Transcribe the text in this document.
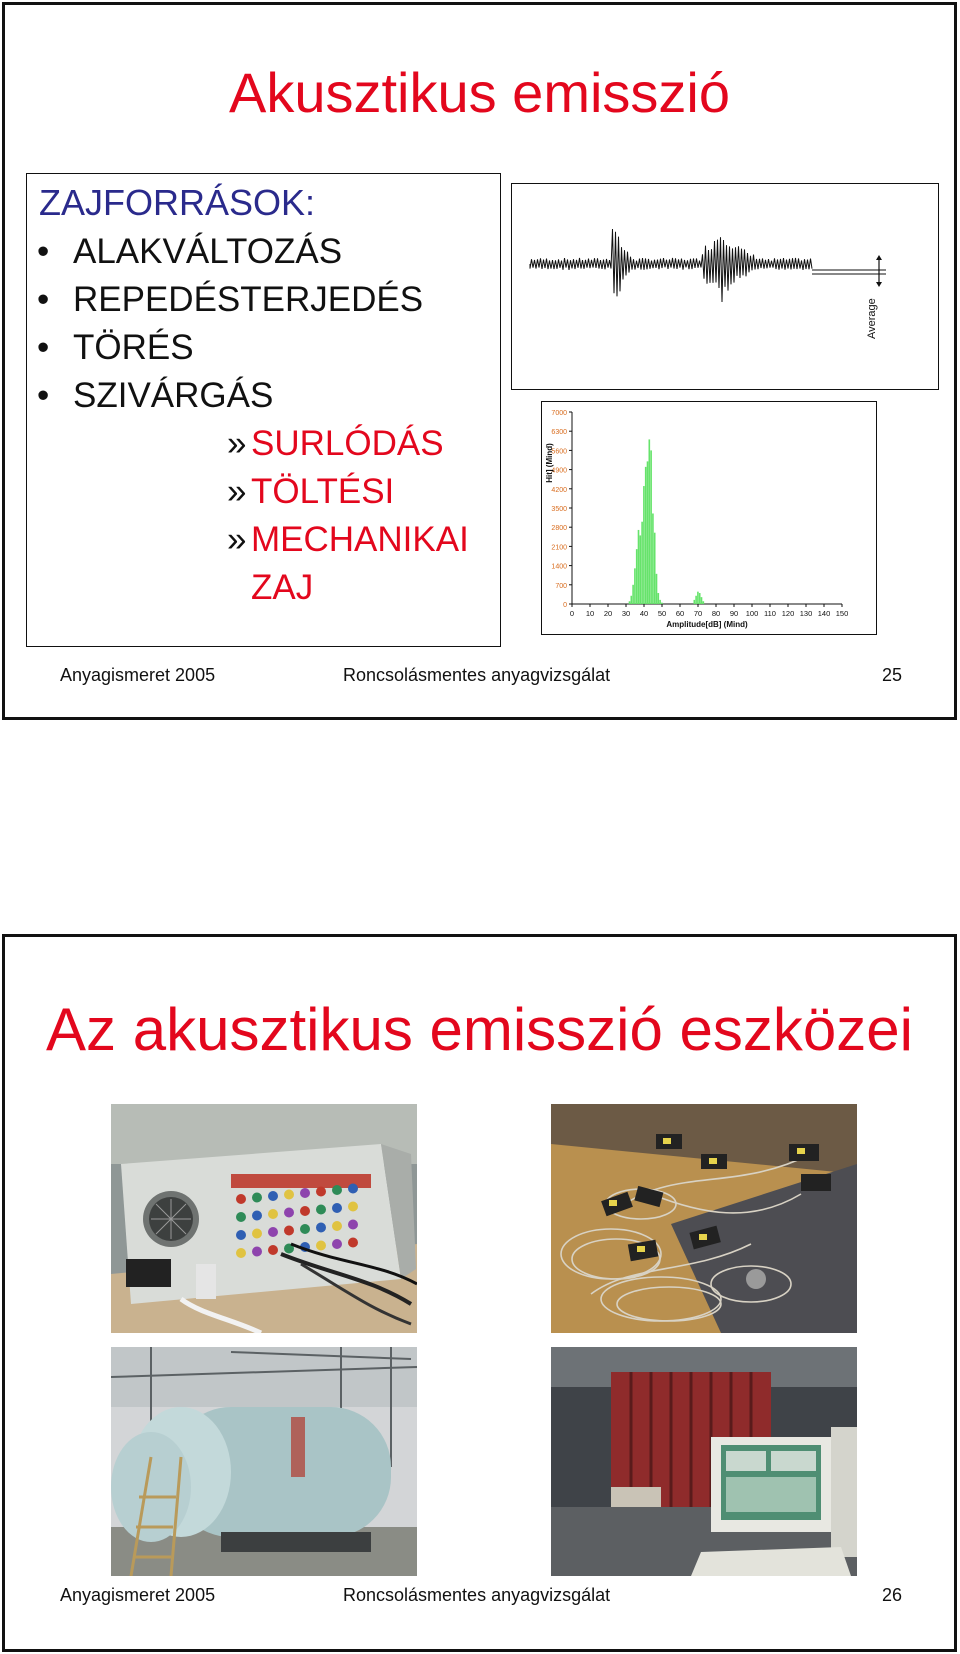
Akusztikus emisszió
ZAJFORRÁSOK:
• ALAKVÁLTOZÁS
• REPEDÉSTERJEDÉS
• TÖRÉS
• SZIVÁRGÁS
» SURLÓDÁS
» TÖLTÉSI
» MECHANIKAI
ZAJ
Average
0
700
1400
2100
2800
3500
4200
4900
5600
6300
7000
0 10 20 30 40 50 60 70 80 90 100 110 120 130 140 150
Amplitude[dB] (Mind)
Hit] (Mind)
Anyagismeret 2005	Roncsolásmentes anyagvizsgálat	25
Az akusztikus emisszió eszközei
Anyagismeret 2005	Roncsolásmentes anyagvizsgálat	26
